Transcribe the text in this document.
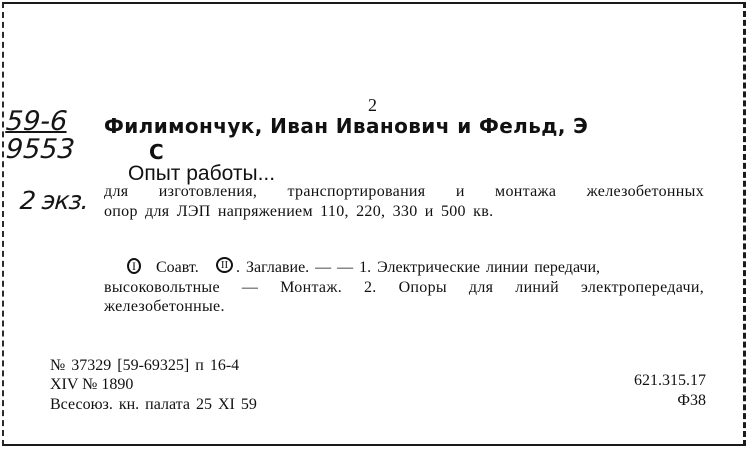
2
59-6
9553
2 экз.
Филимончук, Иван Иванович и Фельд, Э
С
Опыт работы...
для изготовления, транспортирования и монтажа железобетонных
опор для ЛЭП напряжением 110, 220, 330 и 500 кв.
I	Соавт.	II . Заглавие. — — 1. Электрические линии передачи,
высоковольтные — Монтаж. 2. Опоры для линий электропередачи,
железобетонные.
№ 37329 [59-69325] п 16-4
XIV № 1890
Всесоюз. кн. палата 25 XI 59
621.315.17
Ф38
